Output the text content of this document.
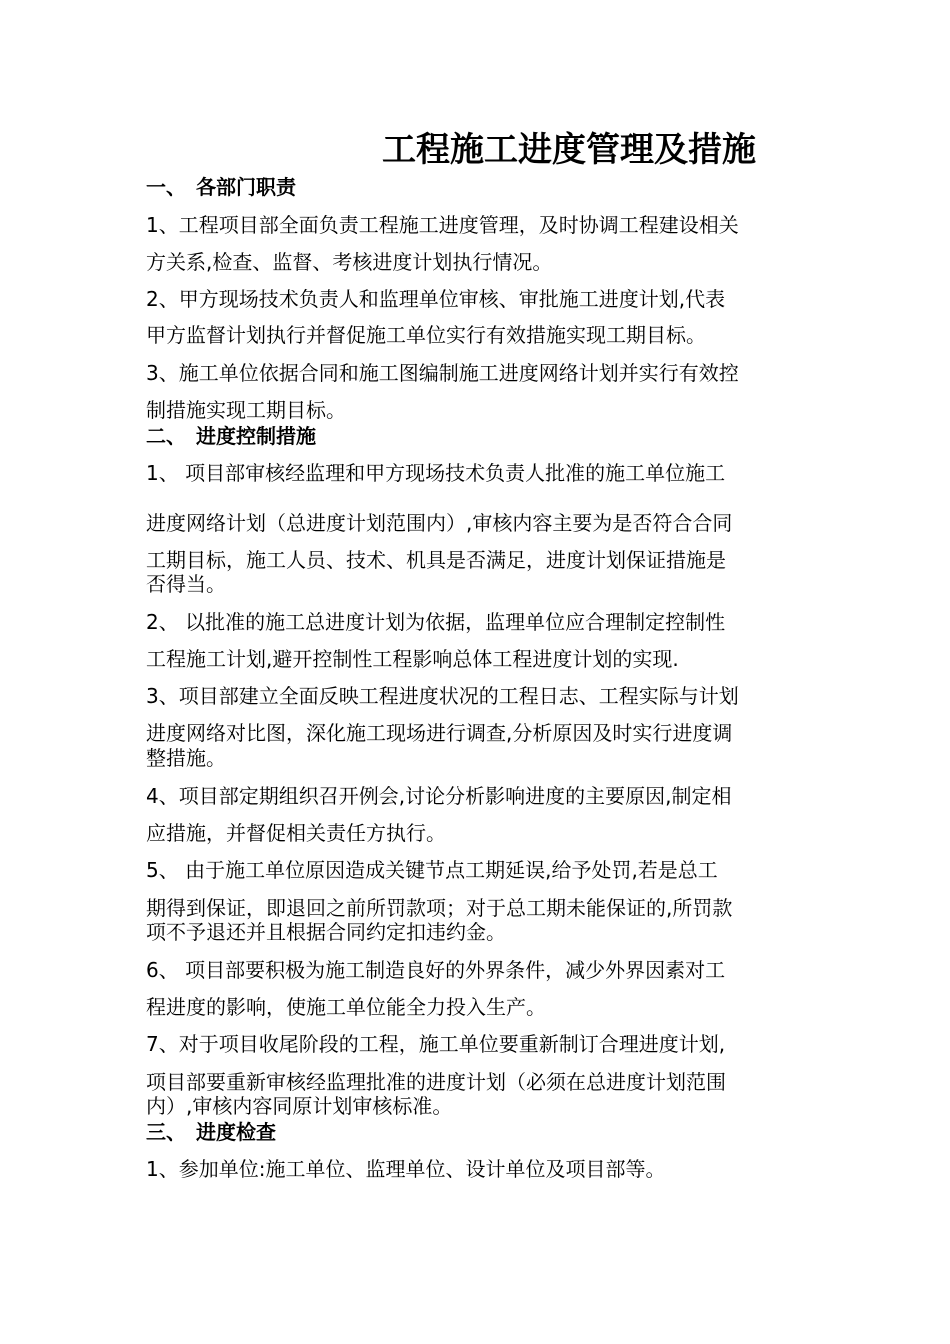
工程施工进度管理及措施
一、 各部门职责
1、工程项目部全面负责工程施工进度管理，及时协调工程建设相关
方关系,检查、监督、考核进度计划执行情况。
2、甲方现场技术负责人和监理单位审核、审批施工进度计划,代表
甲方监督计划执行并督促施工单位实行有效措施实现工期目标。
3、施工单位依据合同和施工图编制施工进度网络计划并实行有效控
制措施实现工期目标。
二、 进度控制措施
1、 项目部审核经监理和甲方现场技术负责人批准的施工单位施工
进度网络计划（总进度计划范围内）,审核内容主要为是否符合合同
工期目标，施工人员、技术、机具是否满足，进度计划保证措施是
否得当。
2、 以批准的施工总进度计划为依据，监理单位应合理制定控制性
工程施工计划,避开控制性工程影响总体工程进度计划的实现.
3、项目部建立全面反映工程进度状况的工程日志、工程实际与计划
进度网络对比图，深化施工现场进行调查,分析原因及时实行进度调
整措施。
4、项目部定期组织召开例会,讨论分析影响进度的主要原因,制定相
应措施，并督促相关责任方执行。
5、 由于施工单位原因造成关键节点工期延误,给予处罚,若是总工
期得到保证，即退回之前所罚款项；对于总工期未能保证的,所罚款
项不予退还并且根据合同约定扣违约金。
6、 项目部要积极为施工制造良好的外界条件，减少外界因素对工
程进度的影响，使施工单位能全力投入生产。
7、对于项目收尾阶段的工程，施工单位要重新制订合理进度计划,
项目部要重新审核经监理批准的进度计划（必须在总进度计划范围
内）,审核内容同原计划审核标准。
三、 进度检查
1、参加单位:施工单位、监理单位、设计单位及项目部等。
